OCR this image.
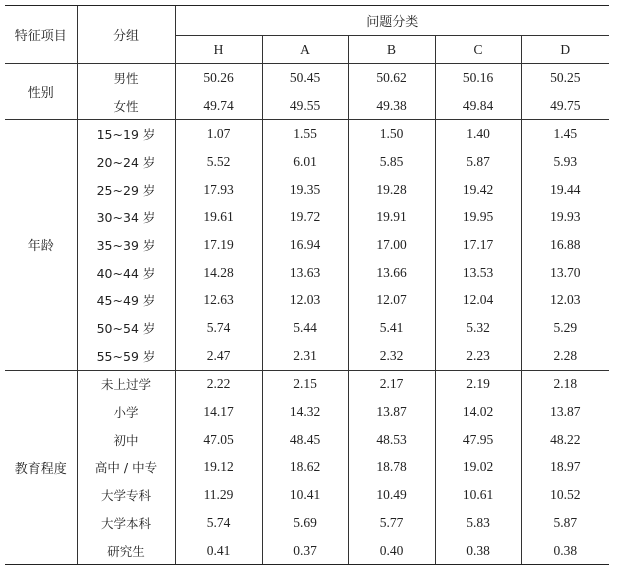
特征项目	分组	问题分类				
		H	A	B	C	D
性别	男性	50.26	50.45	50.62	50.16	50.25
	女性	49.74	49.55	49.38	49.84	49.75
年龄	15~19 岁	1.07	1.55	1.50	1.40	1.45
	20~24 岁	5.52	6.01	5.85	5.87	5.93
	25~29 岁	17.93	19.35	19.28	19.42	19.44
	30~34 岁	19.61	19.72	19.91	19.95	19.93
	35~39 岁	17.19	16.94	17.00	17.17	16.88
	40~44 岁	14.28	13.63	13.66	13.53	13.70
	45~49 岁	12.63	12.03	12.07	12.04	12.03
	50~54 岁	5.74	5.44	5.41	5.32	5.29
	55~59 岁	2.47	2.31	2.32	2.23	2.28
教育程度	未上过学	2.22	2.15	2.17	2.19	2.18
	小学	14.17	14.32	13.87	14.02	13.87
	初中	47.05	48.45	48.53	47.95	48.22
	高中 / 中专	19.12	18.62	18.78	19.02	18.97
	大学专科	11.29	10.41	10.49	10.61	10.52
	大学本科	5.74	5.69	5.77	5.83	5.87
	研究生	0.41	0.37	0.40	0.38	0.38
